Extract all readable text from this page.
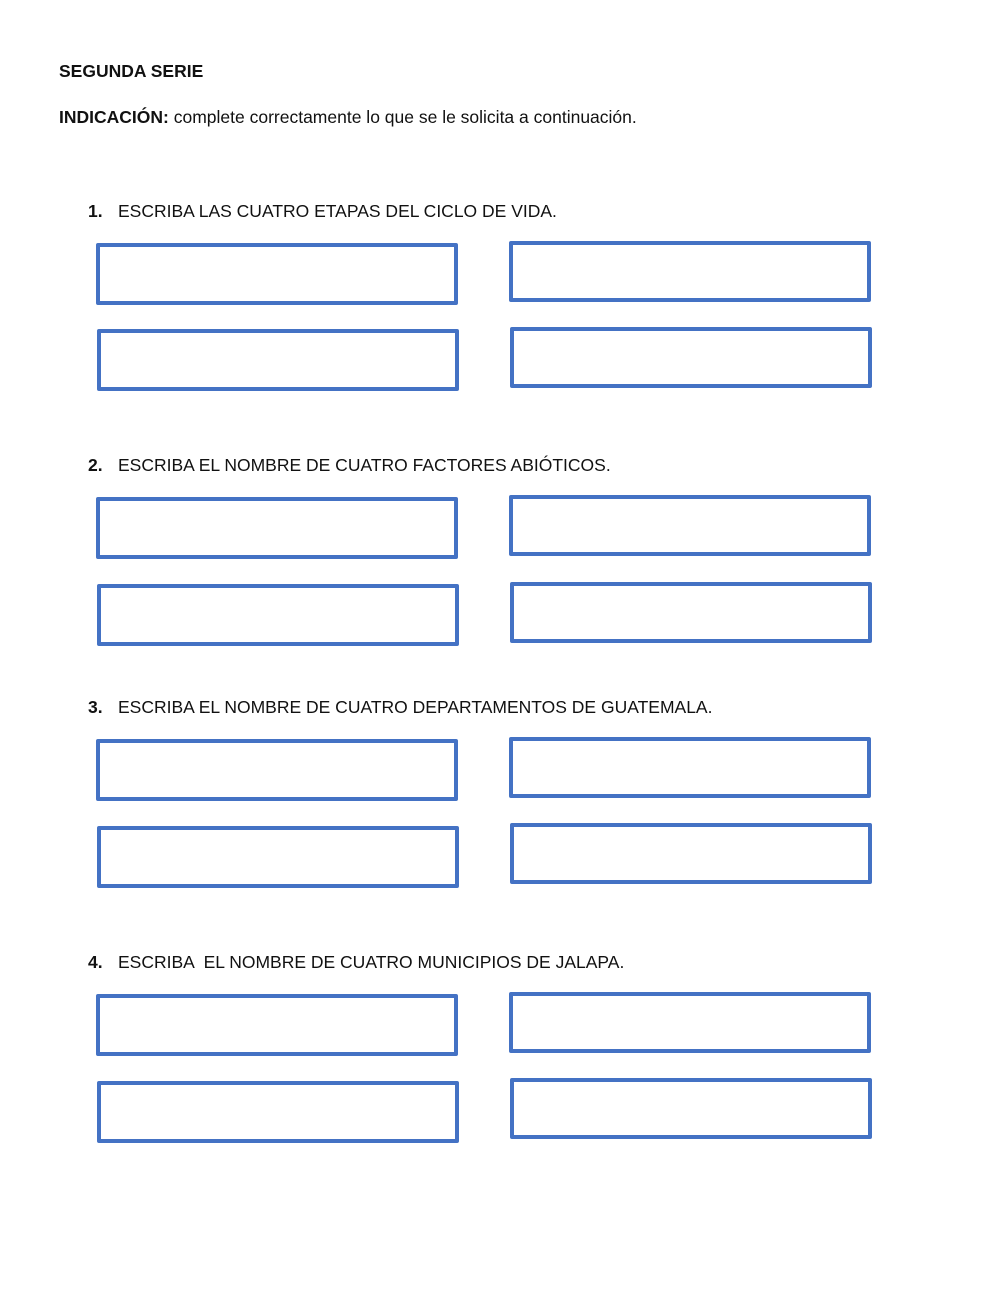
SEGUNDA SERIE
INDICACIÓN: complete correctamente lo que se le solicita a continuación.
1. ESCRIBA LAS CUATRO ETAPAS DEL CICLO DE VIDA.
2. ESCRIBA EL NOMBRE DE CUATRO FACTORES ABIÓTICOS.
3. ESCRIBA EL NOMBRE DE CUATRO DEPARTAMENTOS DE GUATEMALA.
4. ESCRIBA  EL NOMBRE DE CUATRO MUNICIPIOS DE JALAPA.
